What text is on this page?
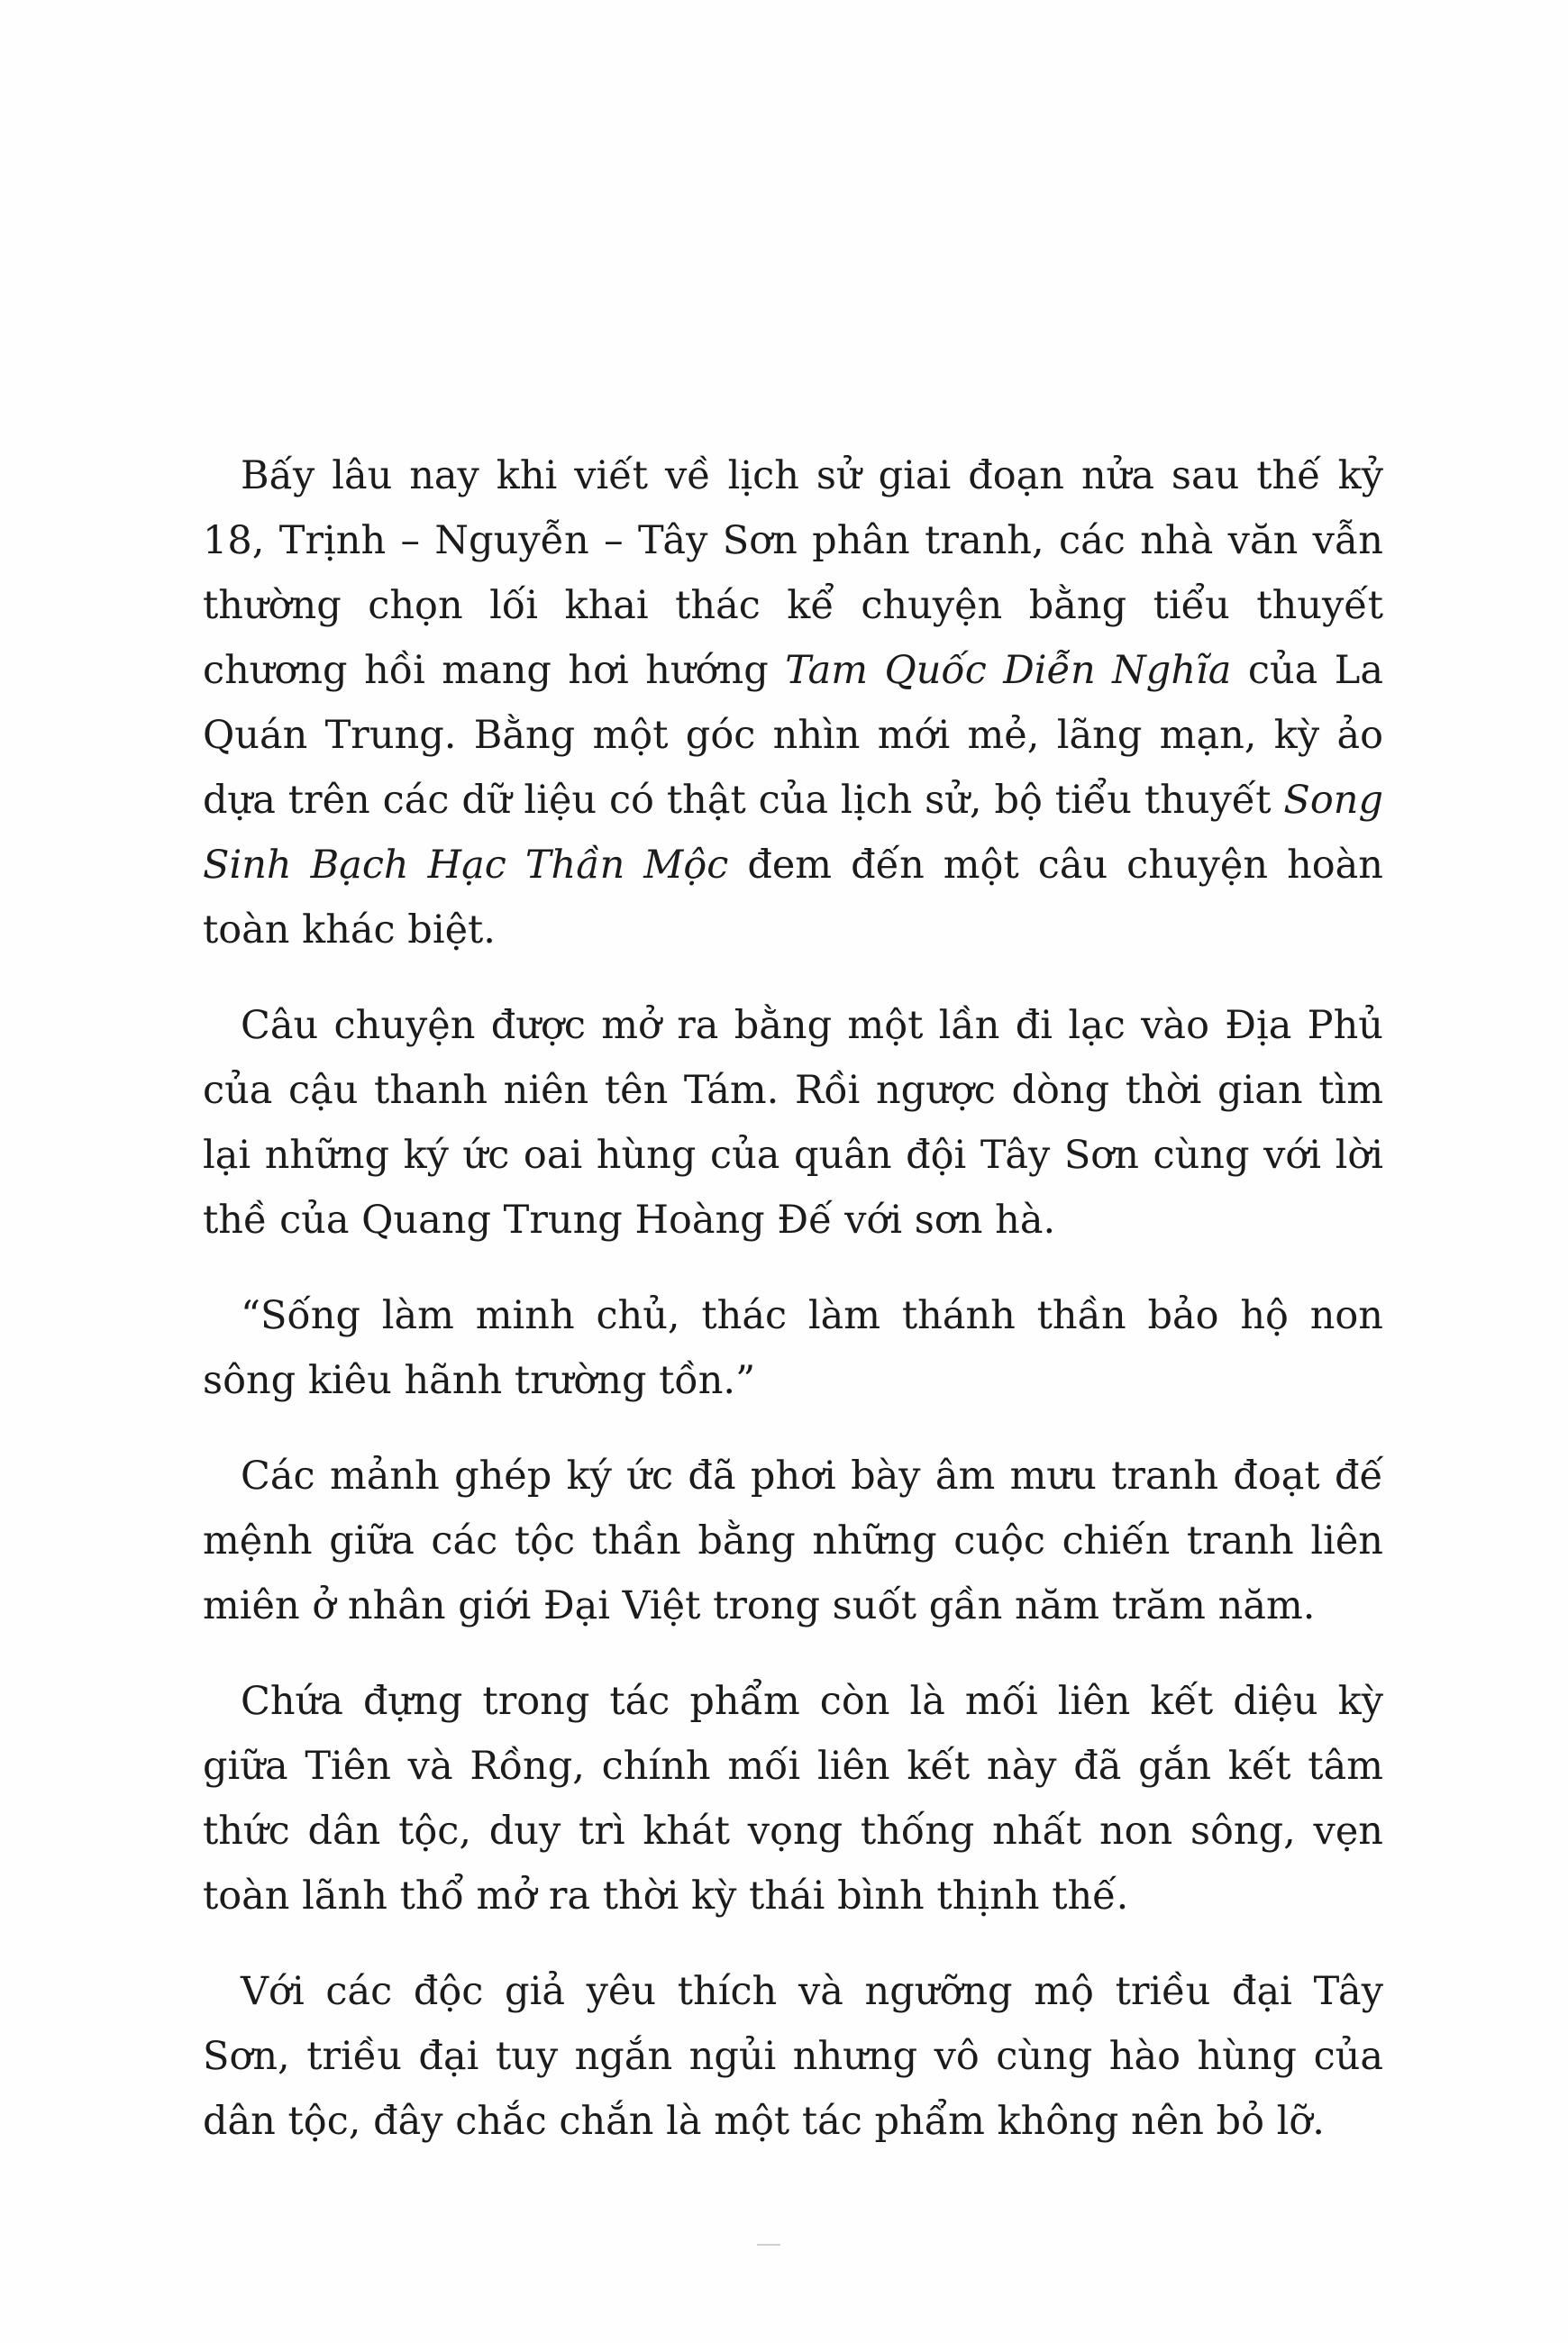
Bấy lâu nay khi viết về lịch sử giai đoạn nửa sau thế kỷ 18, Trịnh – Nguyễn – Tây Sơn phân tranh, các nhà văn vẫn thường chọn lối khai thác kể chuyện bằng tiểu thuyết chương hồi mang hơi hướng Tam Quốc Diễn Nghĩa của La Quán Trung. Bằng một góc nhìn mới mẻ, lãng mạn, kỳ ảo dựa trên các dữ liệu có thật của lịch sử, bộ tiểu thuyết Song Sinh Bạch Hạc Thần Mộc đem đến một câu chuyện hoàn toàn khác biệt.

Câu chuyện được mở ra bằng một lần đi lạc vào Địa Phủ của cậu thanh niên tên Tám. Rồi ngược dòng thời gian tìm lại những ký ức oai hùng của quân đội Tây Sơn cùng với lời thề của Quang Trung Hoàng Đế với sơn hà.

“Sống làm minh chủ, thác làm thánh thần bảo hộ non sông kiêu hãnh trường tồn.”

Các mảnh ghép ký ức đã phơi bày âm mưu tranh đoạt đế mệnh giữa các tộc thần bằng những cuộc chiến tranh liên miên ở nhân giới Đại Việt trong suốt gần năm trăm năm.

Chứa đựng trong tác phẩm còn là mối liên kết diệu kỳ giữa Tiên và Rồng, chính mối liên kết này đã gắn kết tâm thức dân tộc, duy trì khát vọng thống nhất non sông, vẹn toàn lãnh thổ mở ra thời kỳ thái bình thịnh thế.

Với các độc giả yêu thích và ngưỡng mộ triều đại Tây Sơn, triều đại tuy ngắn ngủi nhưng vô cùng hào hùng của dân tộc, đây chắc chắn là một tác phẩm không nên bỏ lỡ.
